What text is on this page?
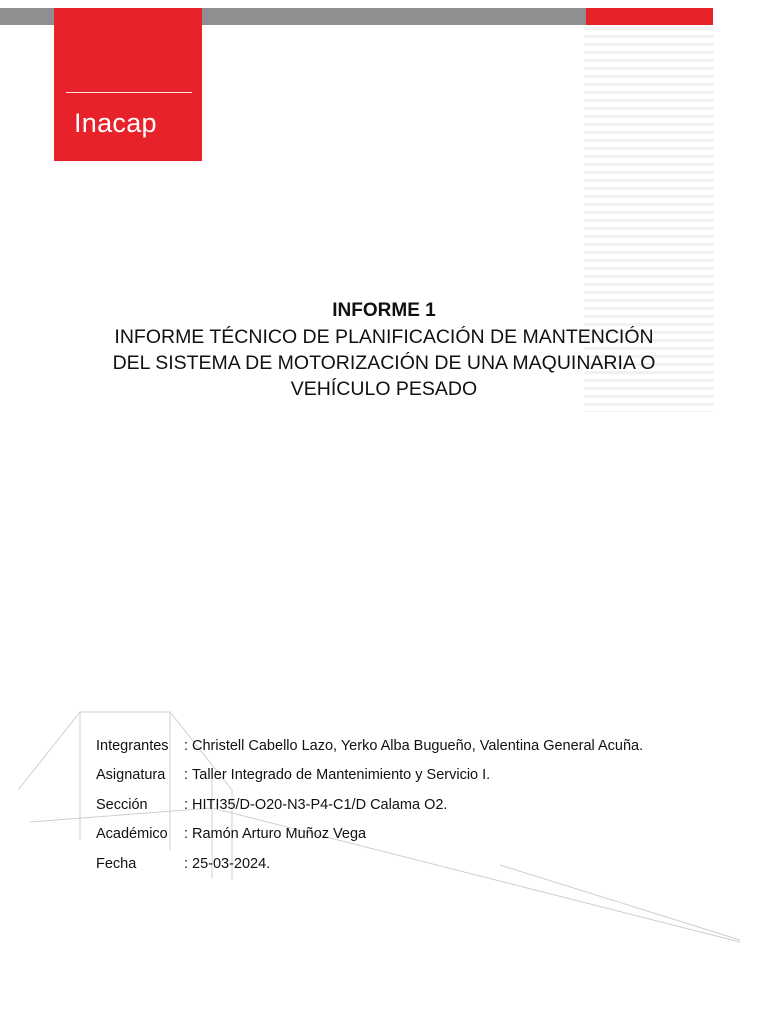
Inacap
INFORME 1
INFORME TÉCNICO DE PLANIFICACIÓN DE MANTENCIÓN
DEL SISTEMA DE MOTORIZACIÓN DE UNA MAQUINARIA O
VEHÍCULO PESADO
Integrantes	: Christell Cabello Lazo, Yerko Alba Bugueño, Valentina General Acuña.
Asignatura	: Taller Integrado de Mantenimiento y Servicio I.
Sección	: HITI35/D-O20-N3-P4-C1/D Calama O2.
Académico	: Ramón Arturo Muñoz Vega
Fecha	: 25-03-2024.
